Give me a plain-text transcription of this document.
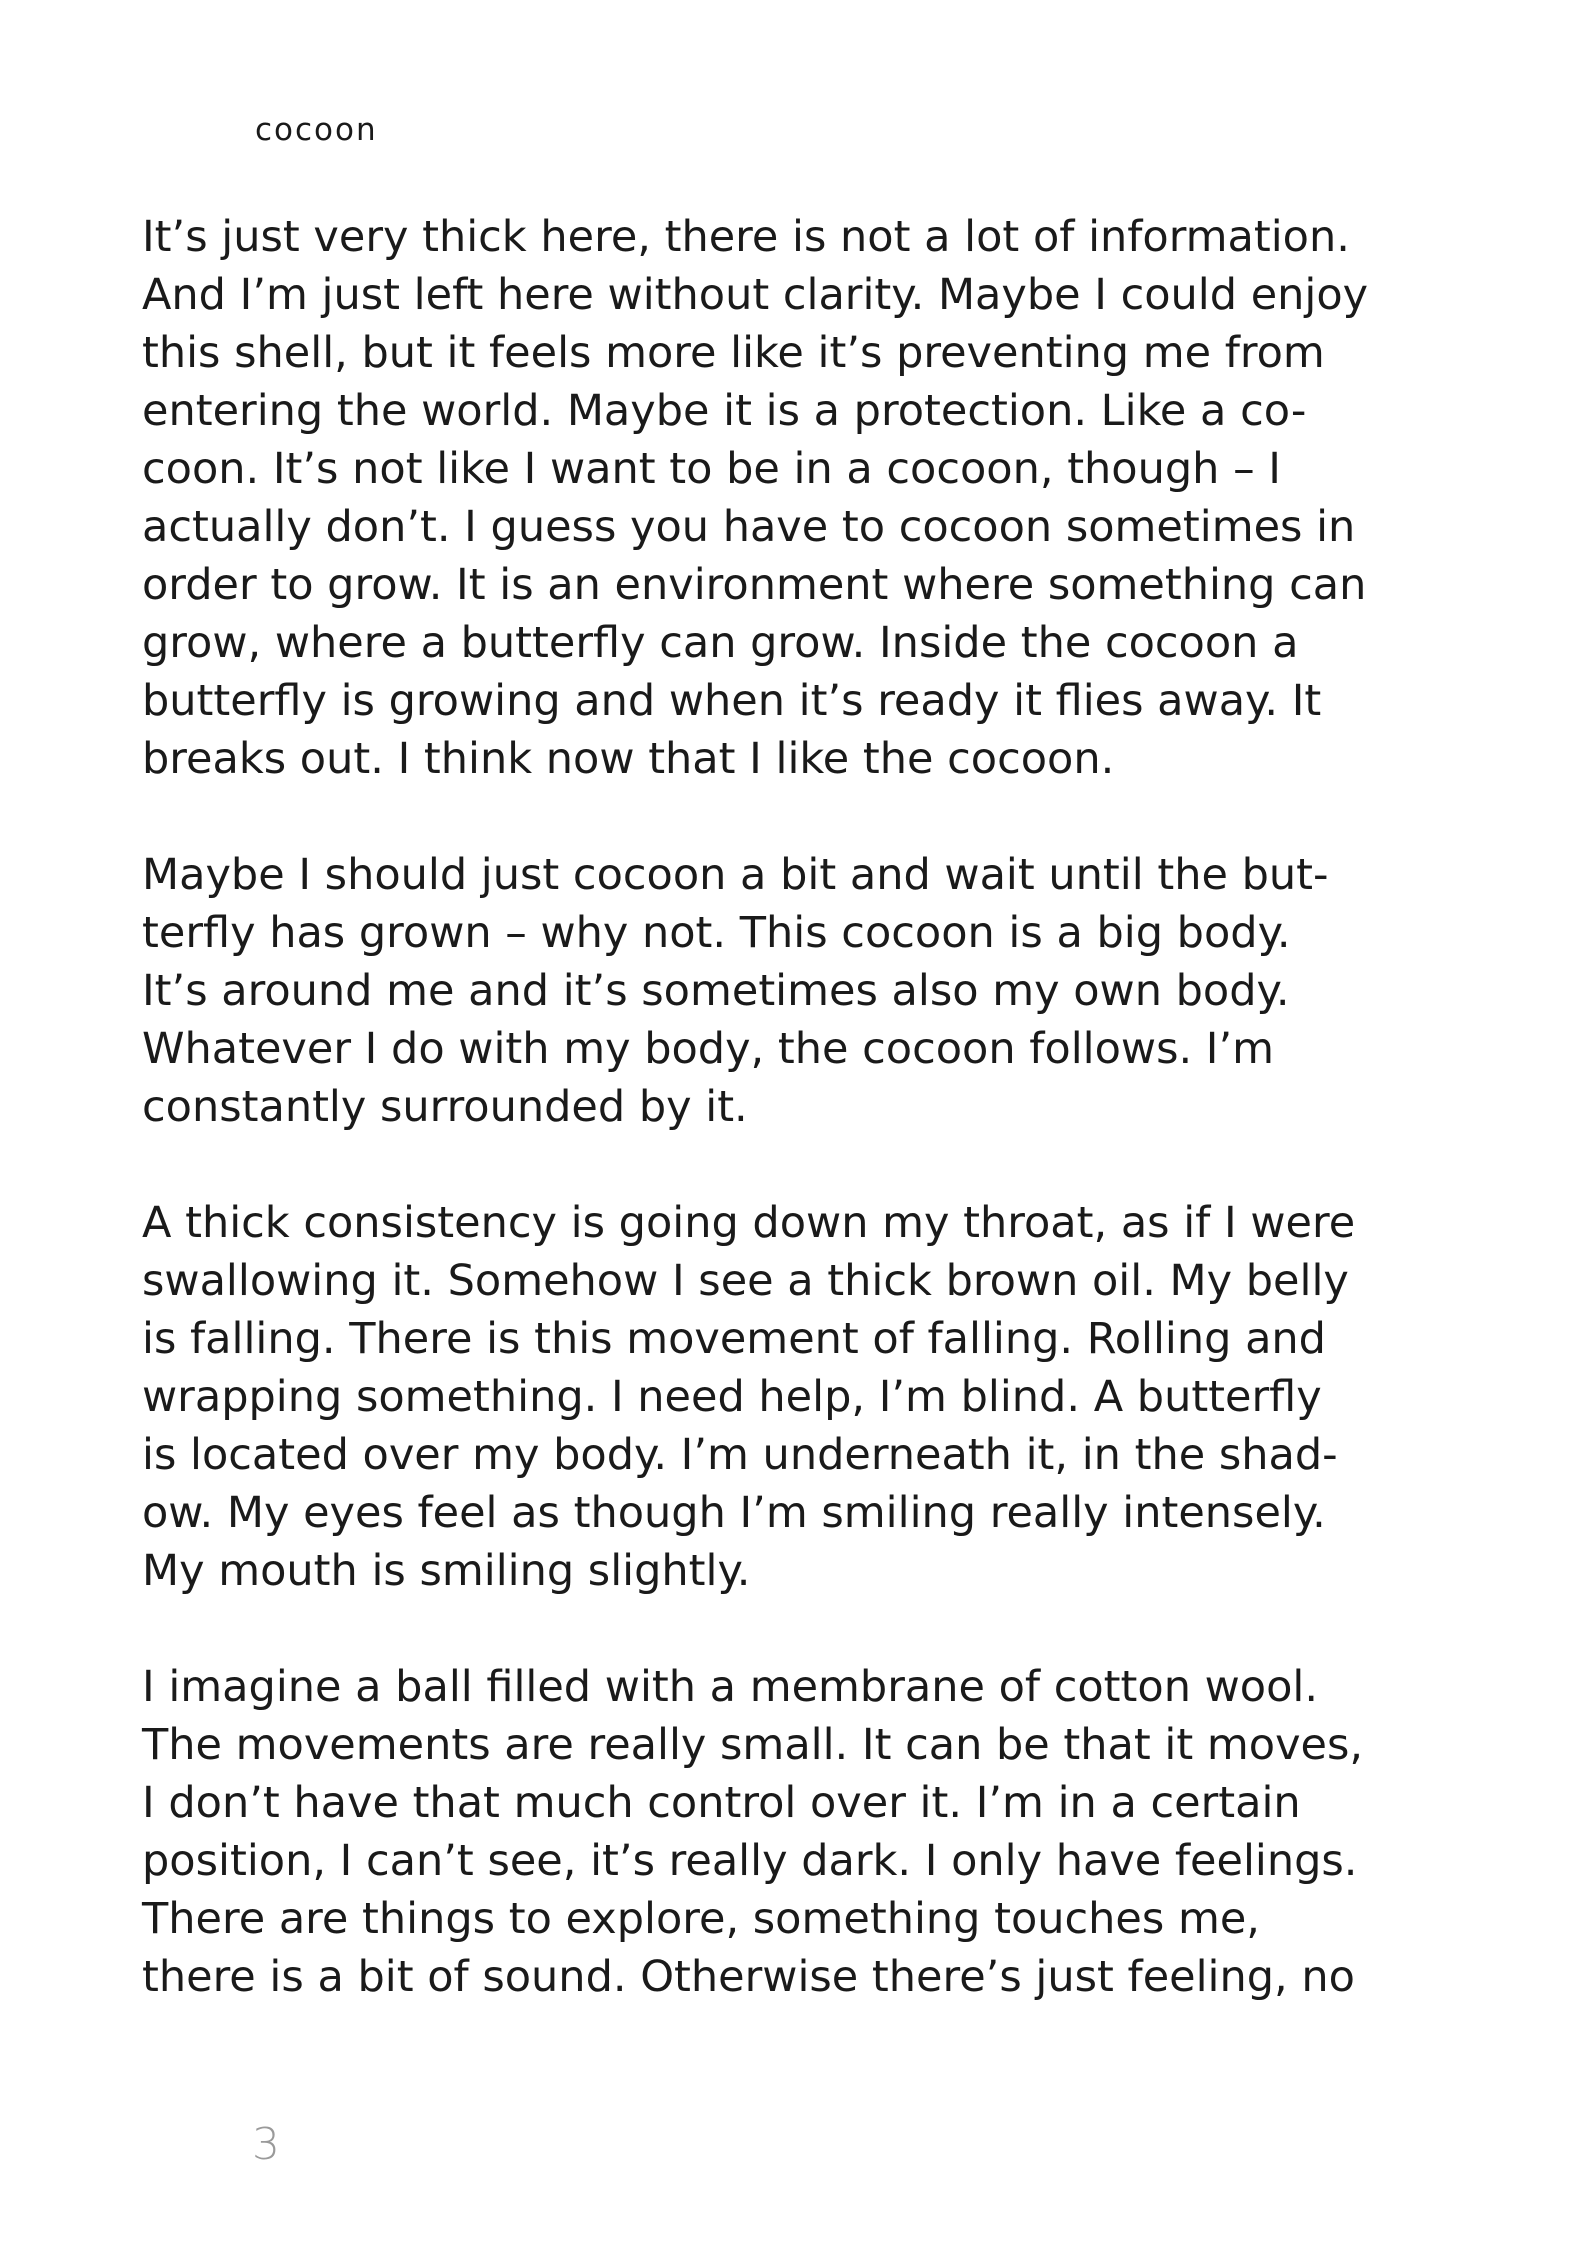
cocoon
It’s just very thick here, there is not a lot of information.
And I’m just left here without clarity. Maybe I could enjoy
this shell, but it feels more like it’s preventing me from
entering the world. Maybe it is a protection. Like a co-
coon. It’s not like I want to be in a cocoon, though – I
actually don’t. I guess you have to cocoon sometimes in
order to grow. It is an environment where something can
grow, where a butterfly can grow. Inside the cocoon a
butterfly is growing and when it’s ready it flies away. It
breaks out. I think now that I like the cocoon.
Maybe I should just cocoon a bit and wait until the but-
terfly has grown – why not. This cocoon is a big body.
It’s around me and it’s sometimes also my own body.
Whatever I do with my body, the cocoon follows. I’m
constantly surrounded by it.
A thick consistency is going down my throat, as if I were
swallowing it. Somehow I see a thick brown oil. My belly
is falling. There is this movement of falling. Rolling and
wrapping something. I need help, I’m blind. A butterfly
is located over my body. I’m underneath it, in the shad-
ow. My eyes feel as though I’m smiling really intensely.
My mouth is smiling slightly.
I imagine a ball filled with a membrane of cotton wool.
The movements are really small. It can be that it moves,
I don’t have that much control over it. I’m in a certain
position, I can’t see, it’s really dark. I only have feelings.
There are things to explore, something touches me,
there is a bit of sound. Otherwise there’s just feeling, no
3
